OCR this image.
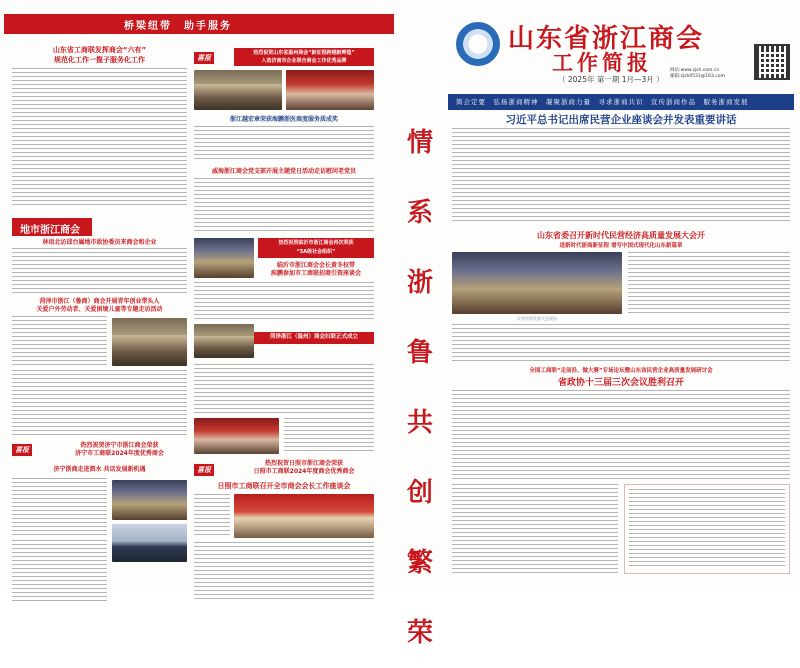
桥梁纽带　助手服务
山东省工商联发挥商会“六有”
规范化工作一揽子服务化工作
地市浙江商会
林语北访邱台属地市政协委员来商会和企业
菏泽市浙江（鲁商）商会开展青年创业带头人
关爱户外劳动者、关爱困境儿童等专题走访活动
喜报	热烈祝贺济宁市浙江商会荣获
济宁市工商联2024年度优秀商会
济宁浙商走进泗水 共话发展新机遇
喜报	热烈祝贺山东省温州商会“新征程跨越新辉煌”
入选济南市企业联合商会工作优秀品牌
浙江越宏章荣获海鹏浙医商度服务质成奖
威海浙江商会党支部开展主题党日活动走访慰问老党员
热烈祝贺临沂市浙江商会再次荣获
“5A级社会组织”
临沂市浙江商会会长黄冬权带
疾鹏参加市工商联招商引资座谈会
菏泽浙江（温州）商会妇联正式成立
喜报
热烈祝贺日照市浙江商会荣获
日照市工商联2024年度商会优秀商会
日照市工商联召开全市商会会长工作座谈会
情
系
浙
鲁
共
创
繁
荣
山东省浙江商会
工作简报
（ 2025年 第一期 1月—3月 ）
网站:www.zjsh.com.cn
邮箱:zjsh0531@163.com
简会定要　弘扬浙商精神　凝聚浙商力量　寻求浙商共识　宣传浙商作品　服务浙商发展
习近平总书记出席民营企业座谈会并发表重要讲话
山东省委召开新时代民营经济高质量发展大会开
进新时代浙商新征程 谱写中国式现代化山东新篇章
民营经济发展大会现场
全国工商联“走前沿、做大赛”专场论坛暨山东省民营企业高质量发展研讨会
省政协十三届三次会议胜利召开
